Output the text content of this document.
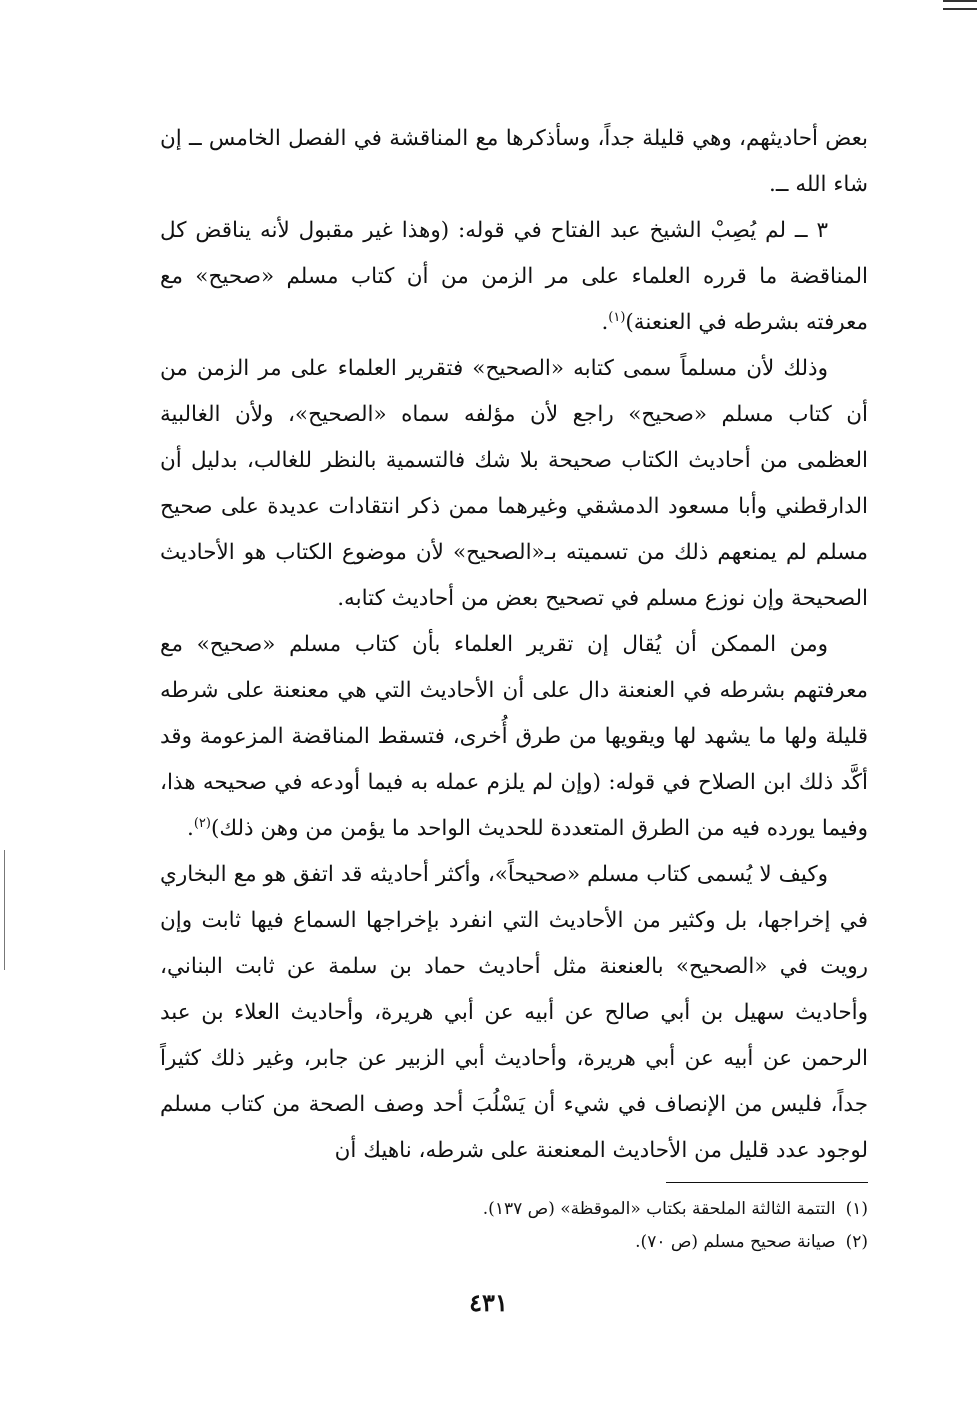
بعض أحاديثهم، وهي قليلة جداً، وسأذكرها مع المناقشة في الفصل الخامس ــ إن شاء الله ــ.

٣ ــ لم يُصِبْ الشيخ عبد الفتاح في قوله: (وهذا غير مقبول لأنه يناقض كل المناقضة ما قرره العلماء على مر الزمن من أن كتاب مسلم «صحيح» مع معرفته بشرطه في العنعنة)$^{(١)}$.

وذلك لأن مسلماً سمى كتابه «الصحيح» فتقرير العلماء على مر الزمن من أن كتاب مسلم «صحيح» راجع لأن مؤلفه سماه «الصحيح»، ولأن الغالبية العظمى من أحاديث الكتاب صحيحة بلا شك فالتسمية بالنظر للغالب، بدليل أن الدارقطني وأبا مسعود الدمشقي وغيرهما ممن ذكر انتقادات عديدة على صحيح مسلم لم يمنعهم ذلك من تسميته بـ«الصحيح» لأن موضوع الكتاب هو الأحاديث الصحيحة وإن نوزع مسلم في تصحيح بعض من أحاديث كتابه.

ومن الممكن أن يُقال إن تقرير العلماء بأن كتاب مسلم «صحيح» مع معرفتهم بشرطه في العنعنة دال على أن الأحاديث التي هي معنعنة على شرطه قليلة ولها ما يشهد لها ويقويها من طرق أُخرى، فتسقط المناقضة المزعومة وقد أكَّد ذلك ابن الصلاح في قوله: (وإن لم يلزم عمله به فيما أودعه في صحيحه هذا، وفيما يورده فيه من الطرق المتعددة للحديث الواحد ما يؤمن من وهن ذلك)$^{(٢)}$.

وكيف لا يُسمى كتاب مسلم «صحيحاً»، وأكثر أحاديثه قد اتفق هو مع البخاري في إخراجها، بل وكثير من الأحاديث التي انفرد بإخراجها السماع فيها ثابت وإن رويت في «الصحيح» بالعنعنة مثل أحاديث حماد بن سلمة عن ثابت البناني، وأحاديث سهيل بن أبي صالح عن أبيه عن أبي هريرة، وأحاديث العلاء بن عبد الرحمن عن أبيه عن أبي هريرة، وأحاديث أبي الزبير عن جابر، وغير ذلك كثيراً جداً، فليس من الإنصاف في شيء أن يَسْلُبَ أحد وصف الصحة من كتاب مسلم لوجود عدد قليل من الأحاديث المعنعنة على شرطه، ناهيك أن

(١)التتمة الثالثة الملحقة بكتاب «الموقظة» (ص ١٣٧).

(٢)صيانة صحيح مسلم (ص ٧٠).

٤٣١
